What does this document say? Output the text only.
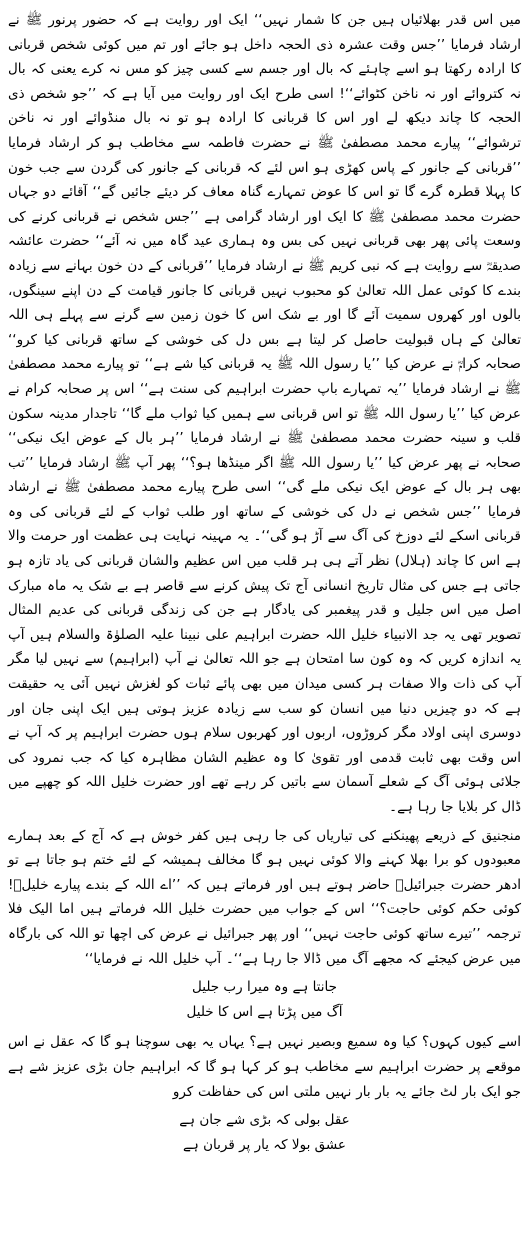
میں اس قدر بھلائیاں ہیں جن کا شمار نہیں‘‘ ایک اور روایت ہے کہ حضور پرنور ﷺ نے ارشاد فرمایا ’’جس وقت عشرہ ذی الحجہ داخل ہو جائے اور تم میں کوئی شخص قربانی کا ارادہ رکھتا ہو اسے چاہئے کہ بال اور جسم سے کسی چیز کو مس نہ کرے یعنی کہ بال نہ کتروائے اور نہ ناخن کٹوائے‘‘! اسی طرح ایک اور روایت میں آیا ہے کہ ’’جو شخص ذی الحجہ کا چاند دیکھ لے اور اس کا قربانی کا ارادہ ہو تو نہ بال منڈوائے اور نہ ناخن ترشوائے‘‘ پیارے محمد مصطفیٰ ﷺ نے حضرت فاطمہ سے مخاطب ہو کر ارشاد فرمایا ’’قربانی کے جانور کے پاس کھڑی ہو اس لئے کہ قربانی کے جانور کی گردن سے جب خون کا پہلا قطرہ گرے گا تو اس کا عوض تمہارے گناہ معاف کر دیئے جائیں گے‘‘ آقائے دو جہاں حضرت محمد مصطفیٰ ﷺ کا ایک اور ارشاد گرامی ہے ’’جس شخص نے قربانی کرنے کی وسعت پائی پھر بھی قربانی نہیں کی بس وہ ہماری عید گاہ میں نہ آئے‘‘ حضرت عائشہ صدیقہؓ سے روایت ہے کہ نبی کریم ﷺ نے ارشاد فرمایا ’’قربانی کے دن خون بہانے سے زیادہ بندے کا کوئی عمل اللہ تعالیٰ کو محبوب نہیں قربانی کا جانور قیامت کے دن اپنے سینگوں، بالوں اور کھروں سمیت آئے گا اور بے شک اس کا خون زمین سے گرنے سے پہلے ہی اللہ تعالیٰ کے ہاں قبولیت حاصل کر لیتا ہے بس دل کی خوشی کے ساتھ قربانی کیا کرو‘‘ صحابہ کرامؓ نے عرض کیا ’’یا رسول اللہ ﷺ یہ قربانی کیا شے ہے‘‘ تو پیارے محمد مصطفیٰ ﷺ نے ارشاد فرمایا ’’یہ تمہارے باپ حضرت ابراہیم کی سنت ہے‘‘ اس پر صحابہ کرام نے عرض کیا ’’یا رسول اللہ ﷺ تو اس قربانی سے ہمیں کیا ثواب ملے گا‘‘ تاجدار مدینہ سکون قلب و سینہ حضرت محمد مصطفیٰ ﷺ نے ارشاد فرمایا ’’ہر بال کے عوض ایک نیکی‘‘ صحابہ نے پھر عرض کیا ’’یا رسول اللہ ﷺ اگر مینڈھا ہو؟‘‘ پھر آپ ﷺ ارشاد فرمایا ’’تب بھی ہر بال کے عوض ایک نیکی ملے گی‘‘ اسی طرح پیارے محمد مصطفیٰ ﷺ نے ارشاد فرمایا ’’جس شخص نے دل کی خوشی کے ساتھ اور طلب ثواب کے لئے قربانی کی وہ قربانی اسکے لئے دوزخ کی آگ سے آڑ ہو گی‘‘۔ یہ مہینہ نہایت ہی عظمت اور حرمت والا ہے اس کا چاند (ہلال) نظر آتے ہی ہر قلب میں اس عظیم والشان قربانی کی یاد تازہ ہو جاتی ہے جس کی مثال تاریخ انسانی آج تک پیش کرنے سے قاصر ہے بے شک یہ ماہ مبارک اصل میں اس جلیل و قدر پیغمبر کی یادگار ہے جن کی زندگی قربانی کی عدیم المثال تصویر تھی یہ جد الانبیاء خلیل اللہ حضرت ابراہیم علی نبینا علیہ الصلوٰۃ والسلام ہیں آپ یہ اندازہ کریں کہ وہ کون سا امتحان ہے جو اللہ تعالیٰ نے آپ (ابراہیم) سے نہیں لیا مگر آپ کی ذات والا صفات ہر کسی میدان میں بھی پائے ثبات کو لغزش نہیں آئی یہ حقیقت ہے کہ دو چیزیں دنیا میں انسان کو سب سے زیادہ عزیز ہوتی ہیں ایک اپنی جان اور دوسری اپنی اولاد مگر کروڑوں، اربوں اور کھربوں سلام ہوں حضرت ابراہیم پر کہ آپ نے اس وقت بھی ثابت قدمی اور تقویٰ کا وہ عظیم الشان مظاہرہ کیا کہ جب نمرود کی جلائی ہوئی آگ کے شعلے آسمان سے باتیں کر رہے تھے اور حضرت خلیل اللہ کو چھپے میں ڈال کر بلایا جا رہا ہے۔

منجنیق کے ذریعے پھینکنے کی تیاریاں کی جا رہی ہیں کفر خوش ہے کہ آج کے بعد ہمارے معبودوں کو برا بھلا کہنے والا کوئی نہیں ہو گا مخالف ہمیشہ کے لئے ختم ہو جاتا ہے تو ادھر حضرت جبرائیلؑ حاضر ہوتے ہیں اور فرماتے ہیں کہ ’’اے اللہ کے بندے پیارے خلیلؑ! کوئی حکم کوئی حاجت؟‘‘ اس کے جواب میں حضرت خلیل اللہ فرماتے ہیں اما الیک فلا ترجمہ ’’تیرے ساتھ کوئی حاجت نہیں‘‘ اور پھر جبرائیل نے عرض کی اچھا تو اللہ کی بارگاہ میں عرض کیجئے کہ مجھے آگ میں ڈالا جا رہا ہے‘‘۔ آپ خلیل اللہ نے فرمایا‘‘

جانتا ہے وہ میرا رب جلیل

آگ میں پڑتا ہے اس کا خلیل

اسے کیوں کہوں؟ کیا وہ سمیع وبصیر نہیں ہے؟ یہاں یہ بھی سوچنا ہو گا کہ عقل نے اس موقعے پر حضرت ابراہیم سے مخاطب ہو کر کہا ہو گا کہ ابراہیم جان بڑی عزیز شے ہے جو ایک بار لٹ جائے یہ بار بار نہیں ملتی اس کی حفاظت کرو

عقل بولی کہ بڑی شے جان ہے

عشق بولا کہ یار پر قربان ہے
